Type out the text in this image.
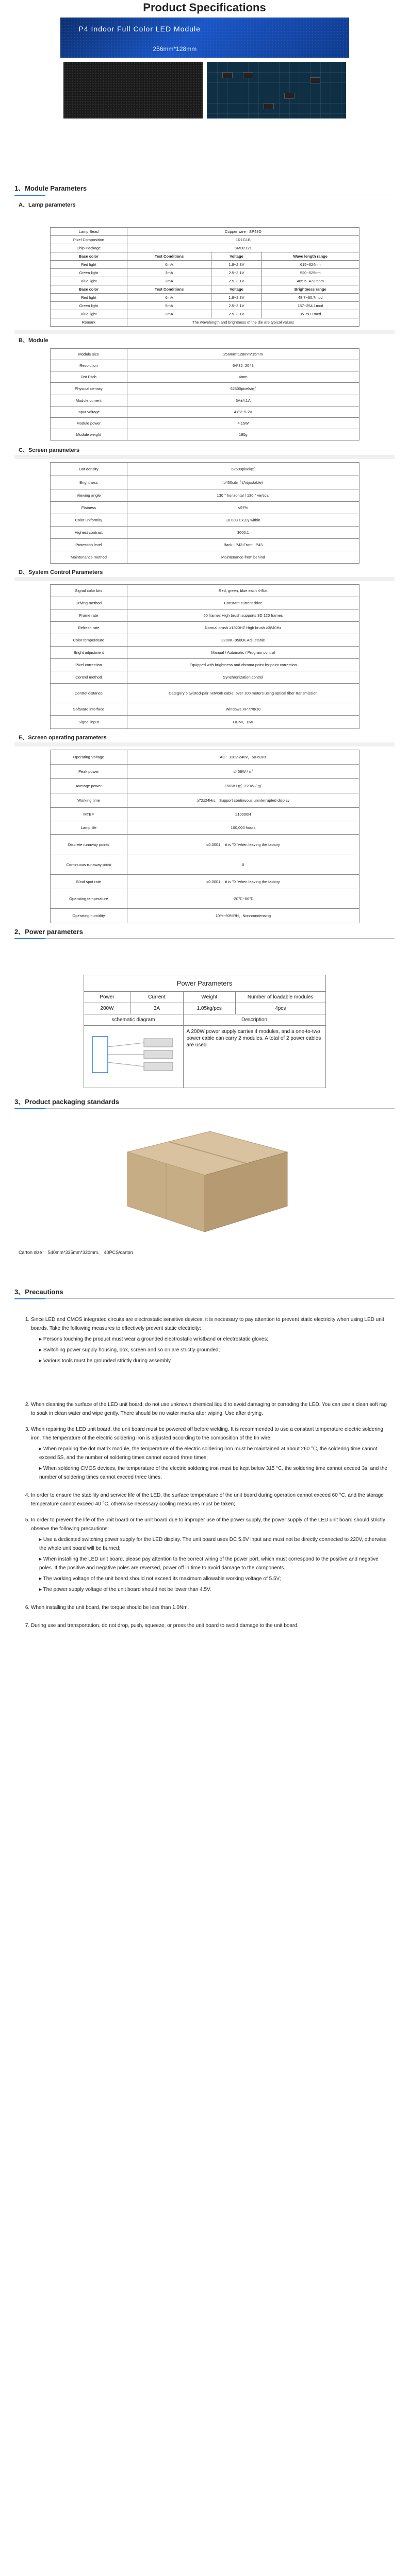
Product Specifications
P4 Indoor Full Color LED Module
256mm*128mm
1、Module Parameters
A、Lamp parameters
Lamp Bead	Copper wire · SP48D		
Pixel Composition	1R1G1B		
Chip Package	SMD2121		
Base color	Test Conditions	Voltage	Wave length range
Red light	6mA	1.8~2.3V	615~624nm
Green light	3mA	2.5~3.1V	520~529nm
Blue light	3mA	2.5~3.1V	465.5~473.5nm
Base color	Test Conditions	Voltage	Brightness range
Red light	6mA	1.8~2.3V	48.7~60.7mcd
Green light	5mA	2.5~3.1V	157~254.1mcd
Blue light	3mA	2.5~3.1V	35~50.1mcd
Remark	The wavelength and brightness of the die are typical values		
B、Module
Module size	256mm*128mm*15mm
Resolution	64*32=2048
Dot Pitch	4mm
Physical density	62500pixels/㎡
Module current	3A±4.1A
Input voltage	4.8V~5.2V
Module power	4.15W
Module weight	190g
C、Screen parameters
Dot density	62500pixel/㎡
Brightness	≥450cd/㎡ (Adjustable)
Viewing angle	130 ° horizontal / 130 ° vertical
Flatness	≤97%
Color uniformity	±0.003 Cx,Cy within
Highest contrast	3000:1
Protection level	Back: IP43 Front: IP43
Maintenance method	Maintenance from behind
D、System Control Parameters
Signal color bits	Red, green, blue each 4-8bit
Driving method	Constant current drive
Frame rate	60 frames High brush supports 3D 120 frames
Refresh rate	Normal brush ≥1920HZ High brush ≥3840Hz
Color temperature	3200K~9500K Adjustable
Bright adjustment	Manual / Automatic / Program control
Pixel correction	Equipped with brightness and chroma point-by-point correction
Control method	Synchronization control
Control distance	Category 5 twisted-pair network cable, over 100 meters using optical fiber transmission
Software interface	Windows XP /7/8/10
Signal input	HDMI、DVI
E、Screen operating parameters
Operating Voltage	AC：110V-240V，50-60Hz
Peak power	≤458W / ㎡
Average power	150W / ㎡~229W / ㎡
Working time	≥72x24Hrs，Support continuous uninterrupted display
MTBF	≥10000H
Lamp life	100,000 hours
Discrete runaway points	≤0.0001， it is "0 "when leaving the factory
Continuous runaway point	0
Blind spot rate	≤0.0001， it is "0 "when leaving the factory
Operating temperature	-20℃~60℃
Operating humidity	10%~90%RH，Non-condensing
2、Power parameters
Power Parameters			
Power	Current	Weight	Number of loadable modules
200W	3A	1.05kg/pcs	4pcs
schematic diagram		Description	
	A 200W power supply carries 4 modules, and a one-to-two power cable can carry 2 modules. A total of 2 power cables are used.	
3、Product packaging standards

Carton size： 540mm*335mm*320mm、 40PCS/carton

3、Precautions
1. Since LED and CMOS integrated circuits are electrostatic sensitive devices, it is necessary to pay attention to prevent static electricity when using LED unit boards. Take the following measures to effectively prevent static electricity:
▸ Persons touching the product must wear a grounded electrostatic wristband or electrostatic gloves;
▸ Switching power supply housing, box, screen and so on are strictly grounded;
▸ Various tools must be grounded strictly during assembly.
2. When cleaning the surface of the LED unit board, do not use unknown chemical liquid to avoid damaging or corroding the LED. You can use a clean soft rag to soak in clean water and wipe gently. There should be no water marks after wiping. Use after drying.
3. When repairing the LED unit board, the unit board must be powered off before welding. It is recommended to use a constant temperature electric soldering iron. The temperature of the electric soldering iron is adjusted according to the composition of the tin wire:
▸ When repairing the dot matrix module, the temperature of the electric soldering iron must be maintained at about 260 °C, the soldering time cannot exceed 5S, and the number of soldering times cannot exceed three times;
▸ When soldering CMOS devices, the temperature of the electric soldering iron must be kept below 315 °C, the soldering time cannot exceed 3s, and the number of soldering times cannot exceed three times.
4. In order to ensure the stability and service life of the LED, the surface temperature of the unit board during operation cannot exceed 60 °C, and the storage temperature cannot exceed 40 °C, otherwise necessary cooling measures must be taken;
5. In order to prevent the life of the unit board or the unit board due to improper use of the power supply, the power supply of the LED unit board should strictly observe the following precautions:
▸ Use a dedicated switching power supply for the LED display. The unit board uses DC 5.0V input and must not be directly connected to 220V, otherwise the whole unit board will be burned;
▸ When installing the LED unit board, please pay attention to the correct wiring of the power port, which must correspond to the positive and negative poles. If the positive and negative poles are reversed, power off in time to avoid damage to the components.
▸ The working voltage of the unit board should not exceed its maximum allowable working voltage of 5.5V;
▸ The power supply voltage of the unit board should not be lower than 4.5V.
6. When installing the unit board, the torque should be less than 1.0Nm.
7. During use and transportation, do not drop, push, squeeze, or press the unit board to avoid damage to the unit board.
